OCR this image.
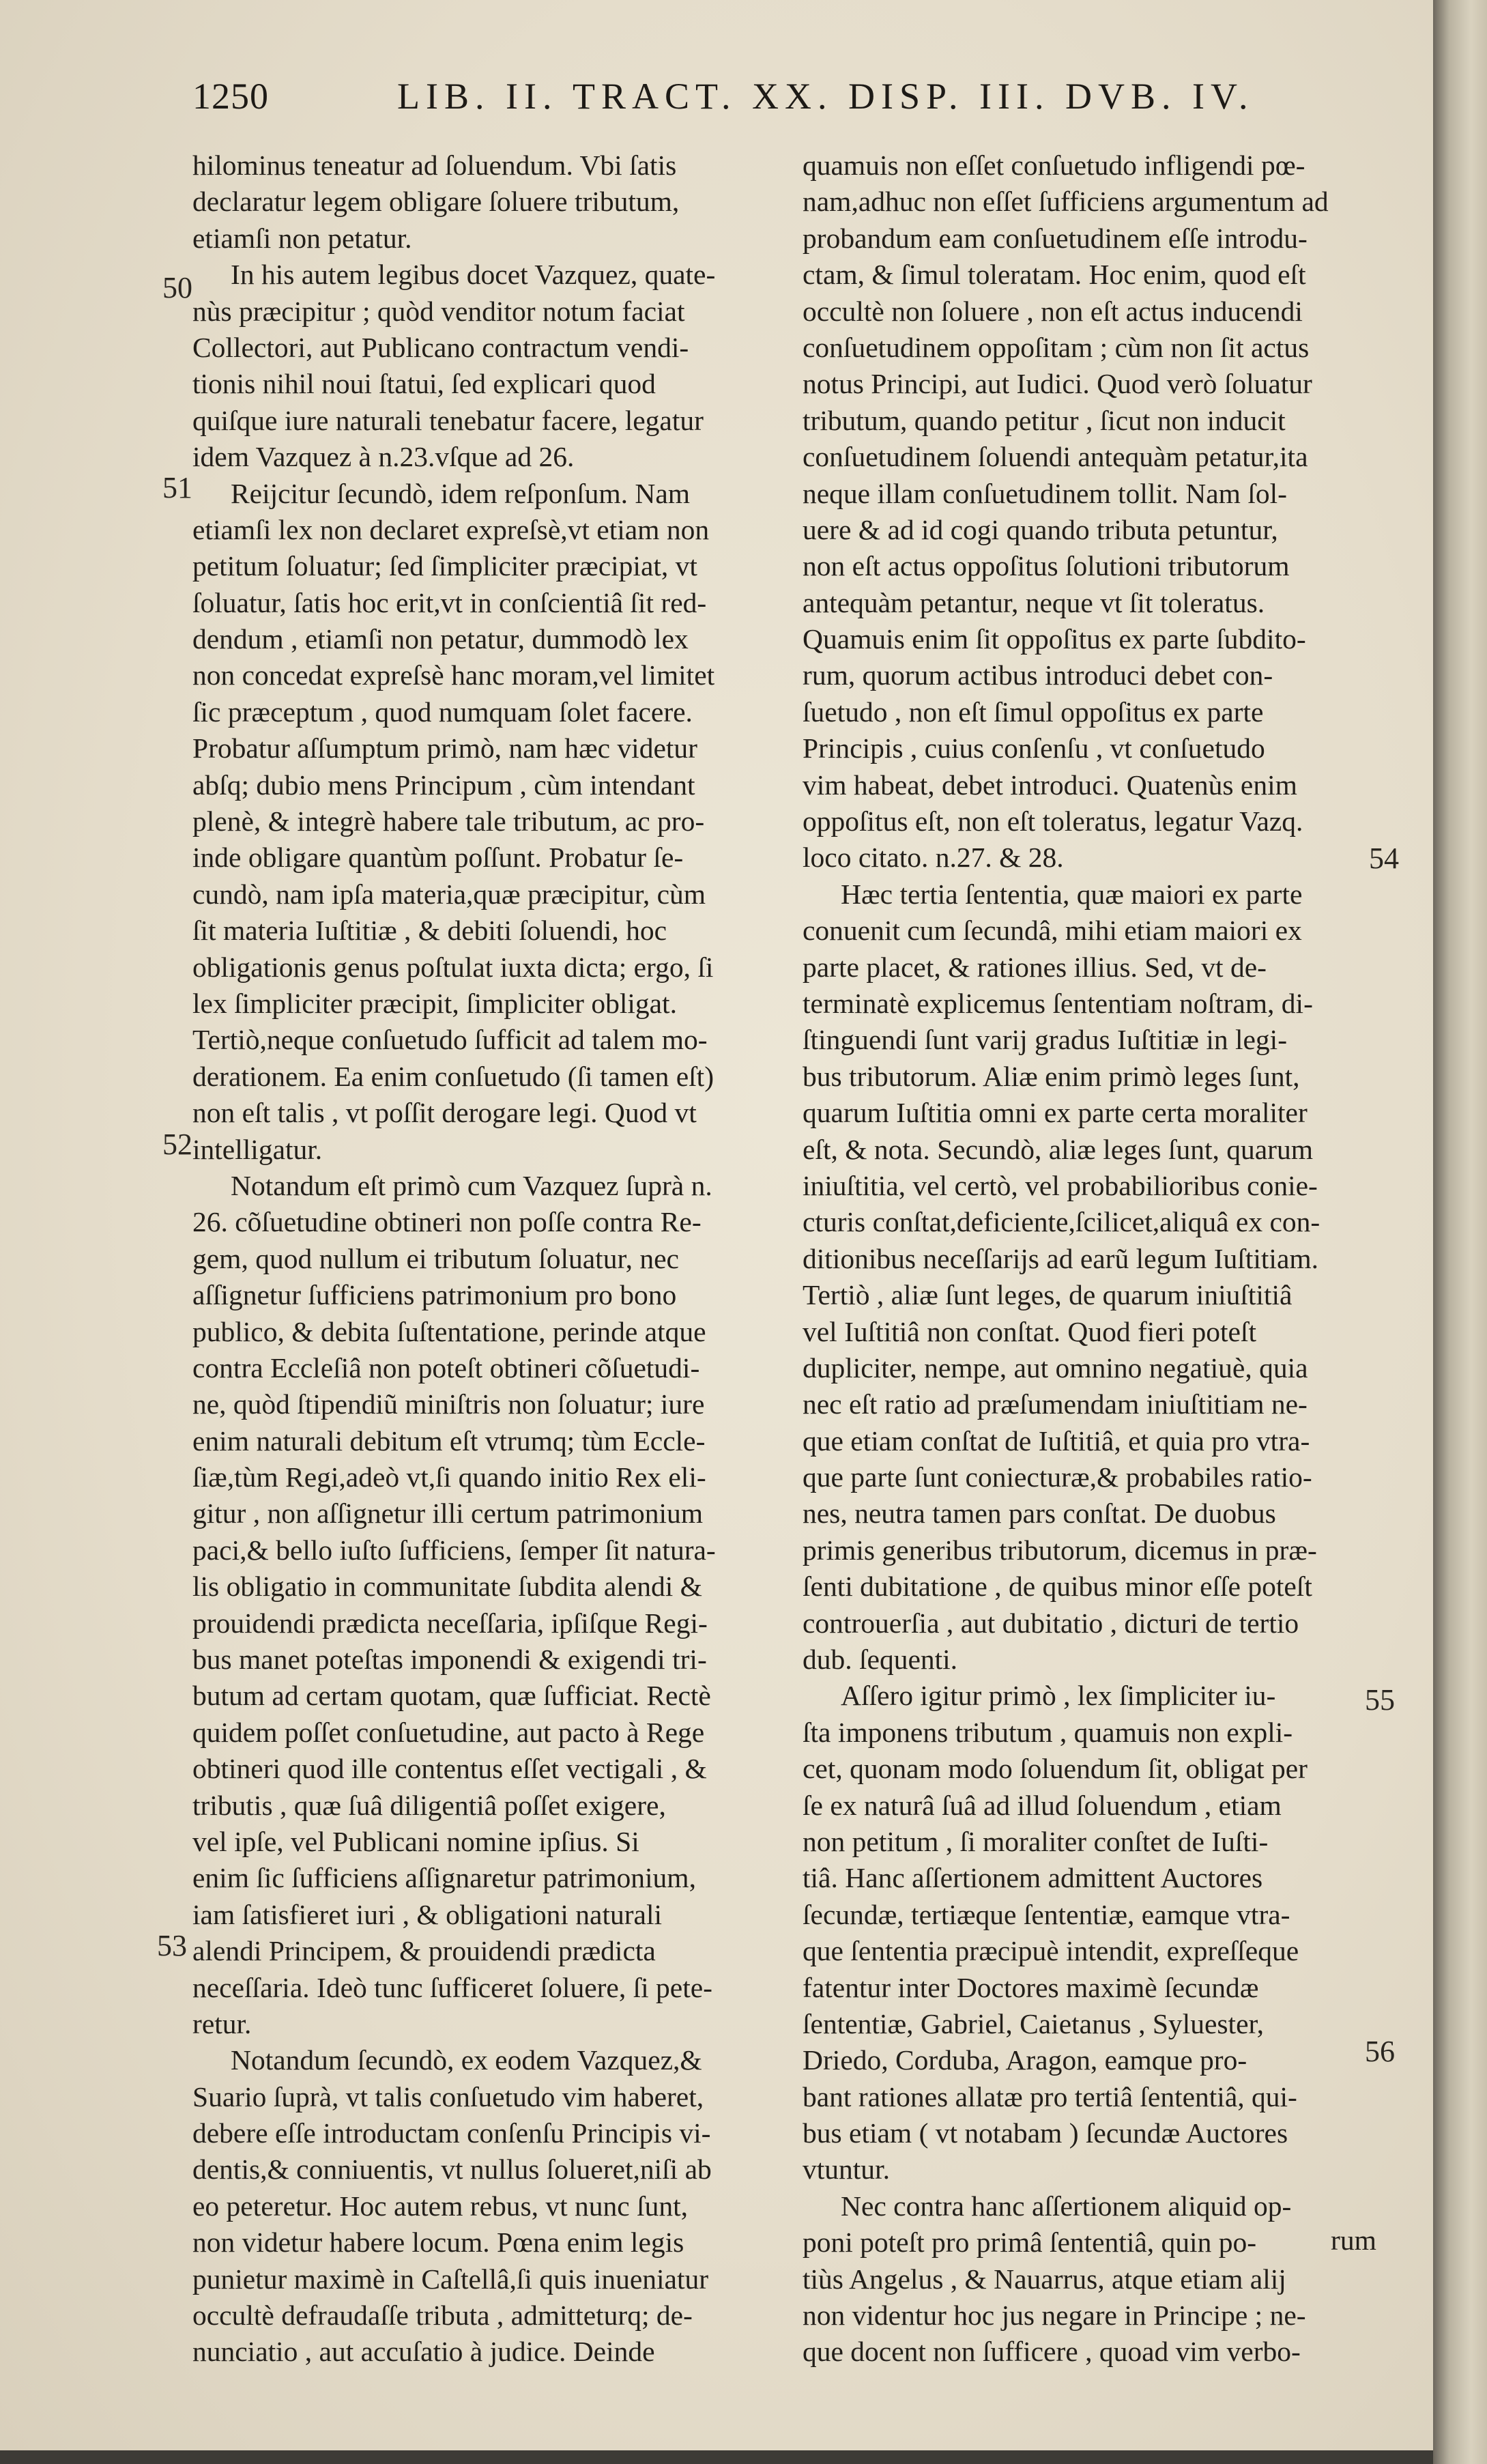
1250	LIB. II. TRACT. XX. DISP. III. DVB. IV.
hilominus teneatur ad ſoluendum. Vbi ſatis
declaratur legem obligare ſoluere tributum,
etiamſi non petatur.
In his autem legibus docet Vazquez, quate-
nùs præcipitur ; quòd venditor notum faciat
Collectori, aut Publicano contractum vendi-
tionis nihil noui ſtatui, ſed explicari quod
quiſque iure naturali tenebatur facere, legatur
idem Vazquez à n.23.vſque ad 26.
Reijcitur ſecundò, idem reſponſum. Nam
etiamſi lex non declaret expreſsè,vt etiam non
petitum ſoluatur; ſed ſimpliciter præcipiat, vt
ſoluatur, ſatis hoc erit,vt in conſcientiâ ſit red-
dendum , etiamſi non petatur, dummodò lex
non concedat expreſsè hanc moram,vel limitet
ſic præceptum , quod numquam ſolet facere.
Probatur aſſumptum primò, nam hæc videtur
abſq; dubio mens Principum , cùm intendant
plenè, & integrè habere tale tributum, ac pro-
inde obligare quantùm poſſunt. Probatur ſe-
cundò, nam ipſa materia,quæ præcipitur, cùm
ſit materia Iuſtitiæ , & debiti ſoluendi, hoc
obligationis genus poſtulat iuxta dicta; ergo, ſi
lex ſimpliciter præcipit, ſimpliciter obligat.
Tertiò,neque conſuetudo ſufficit ad talem mo-
derationem. Ea enim conſuetudo (ſi tamen eſt)
non eſt talis , vt poſſit derogare legi. Quod vt
intelligatur.
Notandum eſt primò cum Vazquez ſuprà n.
26. cõſuetudine obtineri non poſſe contra Re-
gem, quod nullum ei tributum ſoluatur, nec
aſſignetur ſufficiens patrimonium pro bono
publico, & debita ſuſtentatione, perinde atque
contra Eccleſiâ non poteſt obtineri cõſuetudi-
ne, quòd ſtipendiũ miniſtris non ſoluatur; iure
enim naturali debitum eſt vtrumq; tùm Eccle-
ſiæ,tùm Regi,adeò vt,ſi quando initio Rex eli-
gitur , non aſſignetur illi certum patrimonium
paci,& bello iuſto ſufficiens, ſemper ſit natura-
lis obligatio in communitate ſubdita alendi &
prouidendi prædicta neceſſaria, ipſiſque Regi-
bus manet poteſtas imponendi & exigendi tri-
butum ad certam quotam, quæ ſufficiat. Rectè
quidem poſſet conſuetudine, aut pacto à Rege
obtineri quod ille contentus eſſet vectigali , &
tributis , quæ ſuâ diligentiâ poſſet exigere,
vel ipſe, vel Publicani nomine ipſius. Si
enim ſic ſufficiens aſſignaretur patrimonium,
iam ſatisfieret iuri , & obligationi naturali
alendi Principem, & prouidendi prædicta
neceſſaria. Ideò tunc ſufficeret ſoluere, ſi pete-
retur.
Notandum ſecundò, ex eodem Vazquez,&
Suario ſuprà, vt talis conſuetudo vim haberet,
debere eſſe introductam conſenſu Principis vi-
dentis,& conniuentis, vt nullus ſolueret,niſi ab
eo peteretur. Hoc autem rebus, vt nunc ſunt,
non videtur habere locum. Pœna enim legis
punietur maximè in Caſtellâ,ſi quis inueniatur
occultè defraudaſſe tributa , admitteturq; de-
nunciatio , aut accuſatio à judice. Deinde
quamuis non eſſet conſuetudo infligendi pœ-
nam,adhuc non eſſet ſufficiens argumentum ad
probandum eam conſuetudinem eſſe introdu-
ctam, & ſimul toleratam. Hoc enim, quod eſt
occultè non ſoluere , non eſt actus inducendi
conſuetudinem oppoſitam ; cùm non ſit actus
notus Principi, aut Iudici. Quod verò ſoluatur
tributum, quando petitur , ſicut non inducit
conſuetudinem ſoluendi antequàm petatur,ita
neque illam conſuetudinem tollit. Nam ſol-
uere & ad id cogi quando tributa petuntur,
non eſt actus oppoſitus ſolutioni tributorum
antequàm petantur, neque vt ſit toleratus.
Quamuis enim ſit oppoſitus ex parte ſubdito-
rum, quorum actibus introduci debet con-
ſuetudo , non eſt ſimul oppoſitus ex parte
Principis , cuius conſenſu , vt conſuetudo
vim habeat, debet introduci. Quatenùs enim
oppoſitus eſt, non eſt toleratus, legatur Vazq.
loco citato. n.27. & 28.
Hæc tertia ſententia, quæ maiori ex parte
conuenit cum ſecundâ, mihi etiam maiori ex
parte placet, & rationes illius. Sed, vt de-
terminatè explicemus ſententiam noſtram, di-
ſtinguendi ſunt varij gradus Iuſtitiæ in legi-
bus tributorum. Aliæ enim primò leges ſunt,
quarum Iuſtitia omni ex parte certa moraliter
eſt, & nota. Secundò, aliæ leges ſunt, quarum
iniuſtitia, vel certò, vel probabilioribus conie-
cturis conſtat,deficiente,ſcilicet,aliquâ ex con-
ditionibus neceſſarijs ad earũ legum Iuſtitiam.
Tertiò , aliæ ſunt leges, de quarum iniuſtitiâ
vel Iuſtitiâ non conſtat. Quod fieri poteſt
dupliciter, nempe, aut omnino negatiuè, quia
nec eſt ratio ad præſumendam iniuſtitiam ne-
que etiam conſtat de Iuſtitiâ, et quia pro vtra-
que parte ſunt coniecturæ,& probabiles ratio-
nes, neutra tamen pars conſtat. De duobus
primis generibus tributorum, dicemus in præ-
ſenti dubitatione , de quibus minor eſſe poteſt
controuerſia , aut dubitatio , dicturi de tertio
dub. ſequenti.
Aſſero igitur primò , lex ſimpliciter iu-
ſta imponens tributum , quamuis non expli-
cet, quonam modo ſoluendum ſit, obligat per
ſe ex naturâ ſuâ ad illud ſoluendum , etiam
non petitum , ſi moraliter conſtet de Iuſti-
tiâ. Hanc aſſertionem admittent Auctores
ſecundæ, tertiæque ſententiæ, eamque vtra-
que ſententia præcipuè intendit, expreſſeque
fatentur inter Doctores maximè ſecundæ
ſententiæ, Gabriel, Caietanus , Syluester,
Driedo, Corduba, Aragon, eamque pro-
bant rationes allatæ pro tertiâ ſententiâ, qui-
bus etiam ( vt notabam ) ſecundæ Auctores
vtuntur.
Nec contra hanc aſſertionem aliquid op-
poni poteſt pro primâ ſententiâ, quin po-
tiùs Angelus , & Nauarrus, atque etiam alij
non videntur hoc jus negare in Principe ; ne-
que docent non ſufficere , quoad vim verbo-
50
51
52
53
54
55
56
rum
